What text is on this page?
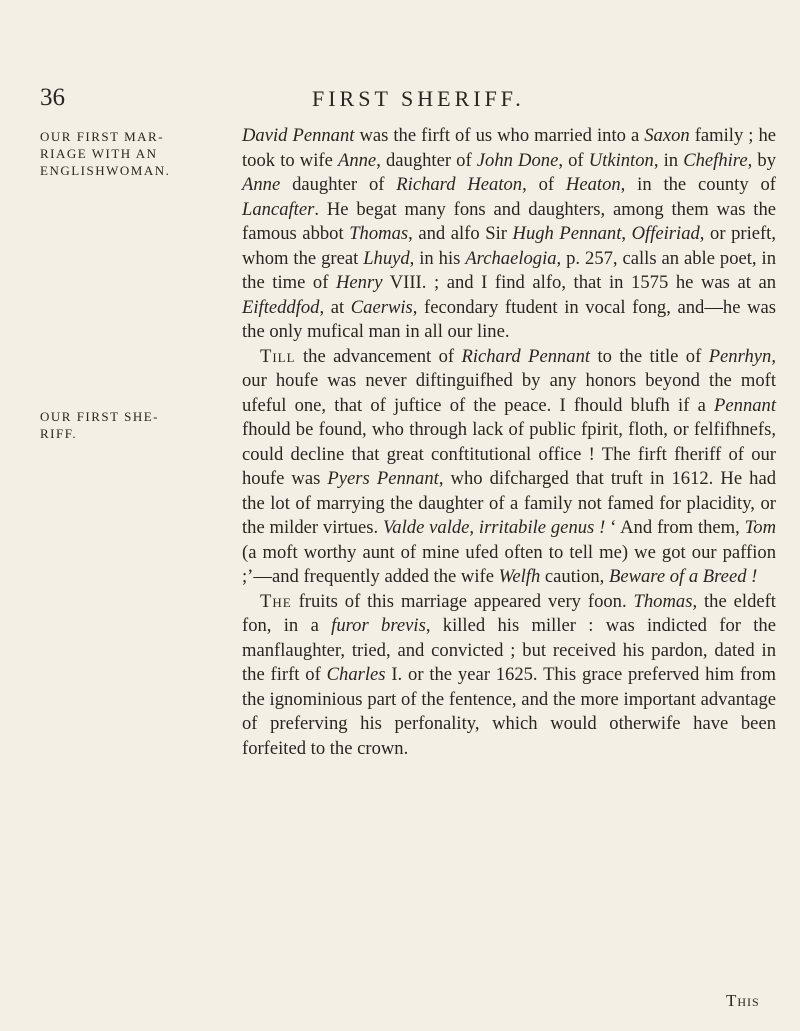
36	FIRST SHERIFF.
OUR FIRST MAR-
RIAGE WITH AN
ENGLISHWOMAN.
OUR FIRST SHE-
RIFF.

David Pennant was the firft of us who married into a Saxon family ; he took to wife Anne, daughter of John Done, of Utkinton, in Chefhire, by Anne daughter of Richard Heaton, of Heaton, in the county of Lancafter. He begat many fons and daughters, among them was the famous abbot Thomas, and alfo Sir Hugh Pennant, Offeiriad, or prieft, whom the great Lhuyd, in his Archaelogia, p. 257, calls an able poet, in the time of Henry VIII. ; and I find alfo, that in 1575 he was at an Eifteddfod, at Caerwis, fecondary ftudent in vocal fong, and—he was the only mufical man in all our line.

Till the advancement of Richard Pennant to the title of Penrhyn, our houfe was never diftinguifhed by any honors beyond the moft ufeful one, that of juftice of the peace. I fhould blufh if a Pennant fhould be found, who through lack of public fpirit, floth, or felfifhnefs, could decline that great conftitutional office ! The firft fheriff of our houfe was Pyers Pennant, who difcharged that truft in 1612. He had the lot of marrying the daughter of a family not famed for placidity, or the milder virtues. Valde valde, irritabile genus ! ‘ And from them, Tom (a moft worthy aunt of mine ufed often to tell me) we got our paffion ;’—and frequently added the wife Welfh caution, Beware of a Breed !

The fruits of this marriage appeared very foon. Thomas, the eldeft fon, in a furor brevis, killed his miller : was indicted for the manflaughter, tried, and convicted ; but received his pardon, dated in the firft of Charles I. or the year 1625. This grace preferved him from the ignominious part of the fentence, and the more important advantage of preferving his perfonality, which would otherwife have been forfeited to the crown.

This
